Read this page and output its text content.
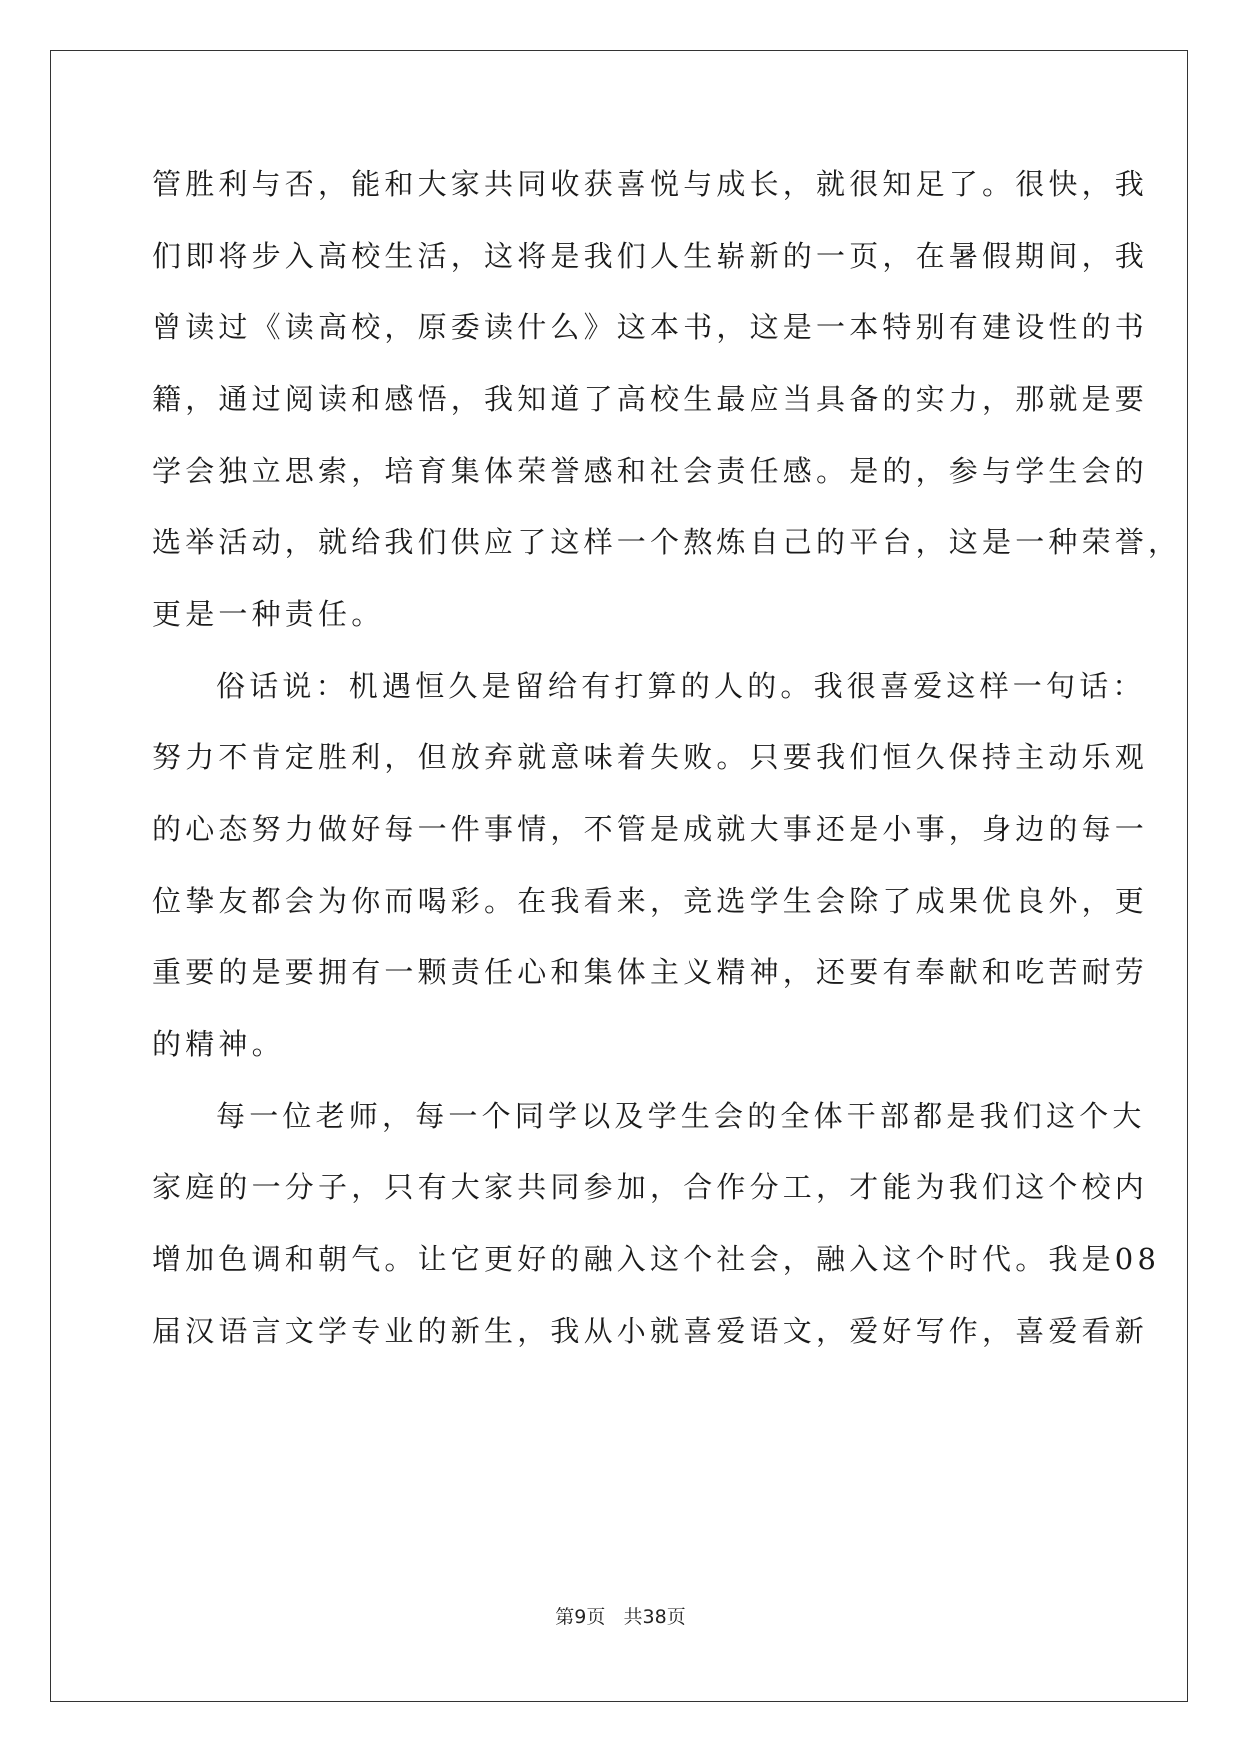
管胜利与否，能和大家共同收获喜悦与成长，就很知足了。很快，我
们即将步入高校生活，这将是我们人生崭新的一页，在暑假期间，我
曾读过《读高校，原委读什么》这本书，这是一本特别有建设性的书
籍，通过阅读和感悟，我知道了高校生最应当具备的实力，那就是要
学会独立思索，培育集体荣誉感和社会责任感。是的，参与学生会的
选举活动，就给我们供应了这样一个熬炼自己的平台，这是一种荣誉，
更是一种责任。
俗话说：机遇恒久是留给有打算的人的。我很喜爱这样一句话：
努力不肯定胜利，但放弃就意味着失败。只要我们恒久保持主动乐观
的心态努力做好每一件事情，不管是成就大事还是小事，身边的每一
位挚友都会为你而喝彩。在我看来，竞选学生会除了成果优良外，更
重要的是要拥有一颗责任心和集体主义精神，还要有奉献和吃苦耐劳
的精神。
每一位老师，每一个同学以及学生会的全体干部都是我们这个大
家庭的一分子，只有大家共同参加，合作分工，才能为我们这个校内
增加色调和朝气。让它更好的融入这个社会，融入这个时代。我是08
届汉语言文学专业的新生，我从小就喜爱语文，爱好写作，喜爱看新
第9页 共38页
